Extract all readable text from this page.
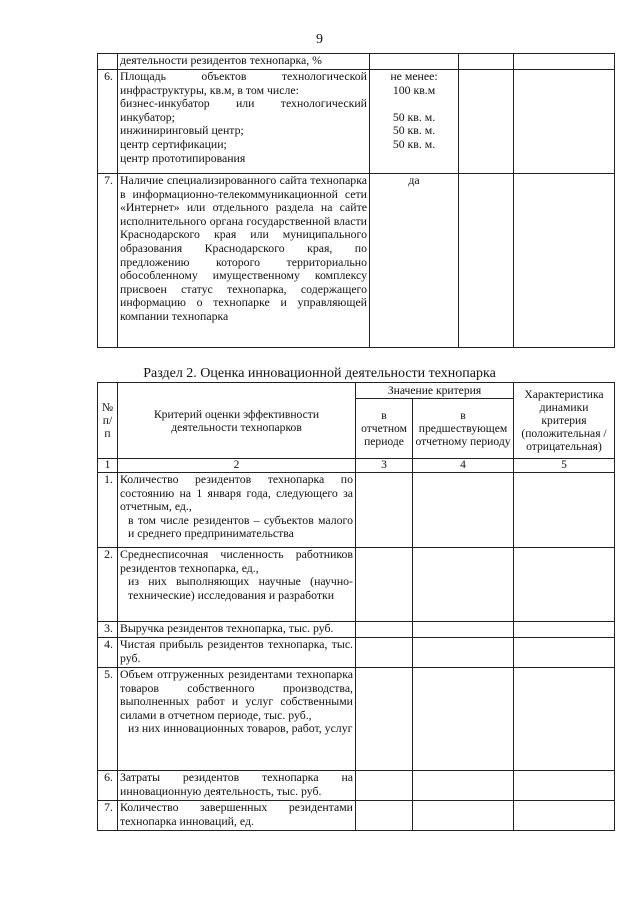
9
	деятельности резидентов технопарка, %			
6.	Площадь объектов технологической инфраструктуры, кв.м, в том числе:
бизнес-инкубатор или технологический инкубатор;
инжиниринговый центр;
центр сертификации;
центр прототипирования	не менее:
100 кв.м

50 кв. м.
50 кв. м.
50 кв. м.		

7.	Наличие специализированного сайта технопарка в информационно-телекоммуникационной сети «Интернет» или отдельного раздела на сайте исполнительного органа государственной власти Краснодарского края или муниципального образования Краснодарского края, по предложению которого территориально обособленному имущественному комплексу присвоен статус технопарка, содержащего информацию о технопарке и управляющей компании технопарка	да		
Раздел 2. Оценка инновационной деятельности технопарка
№ п/п	Критерий оценки эффективности деятельности технопарков	Значение критерия		Характеристика динамики критерия (положительная / отрицательная)
		в отчетном периоде	в предшествующем отчетному периоду	
1	2	3	4	5
1.	Количество резидентов технопарка по состоянию на 1 января года, следующего за отчетным, ед.,
в том числе резидентов – субъектов малого и среднего предпринимательства			

2.	Среднесписочная численность работников резидентов технопарка, ед.,
из них выполняющих научные (научно-технические) исследования и разработки			

3.	Выручка резидентов технопарка, тыс. руб.			
4.	Чистая прибыль резидентов технопарка, тыс. руб.			
5.	Объем отгруженных резидентами технопарка товаров собственного производства, выполненных работ и услуг собственными силами в отчетном периоде, тыс. руб.,
из них инновационных товаров, работ, услуг			

6.	Затраты резидентов технопарка на инновационную деятельность, тыс. руб.			
7.	Количество завершенных резидентами технопарка инноваций, ед.			
